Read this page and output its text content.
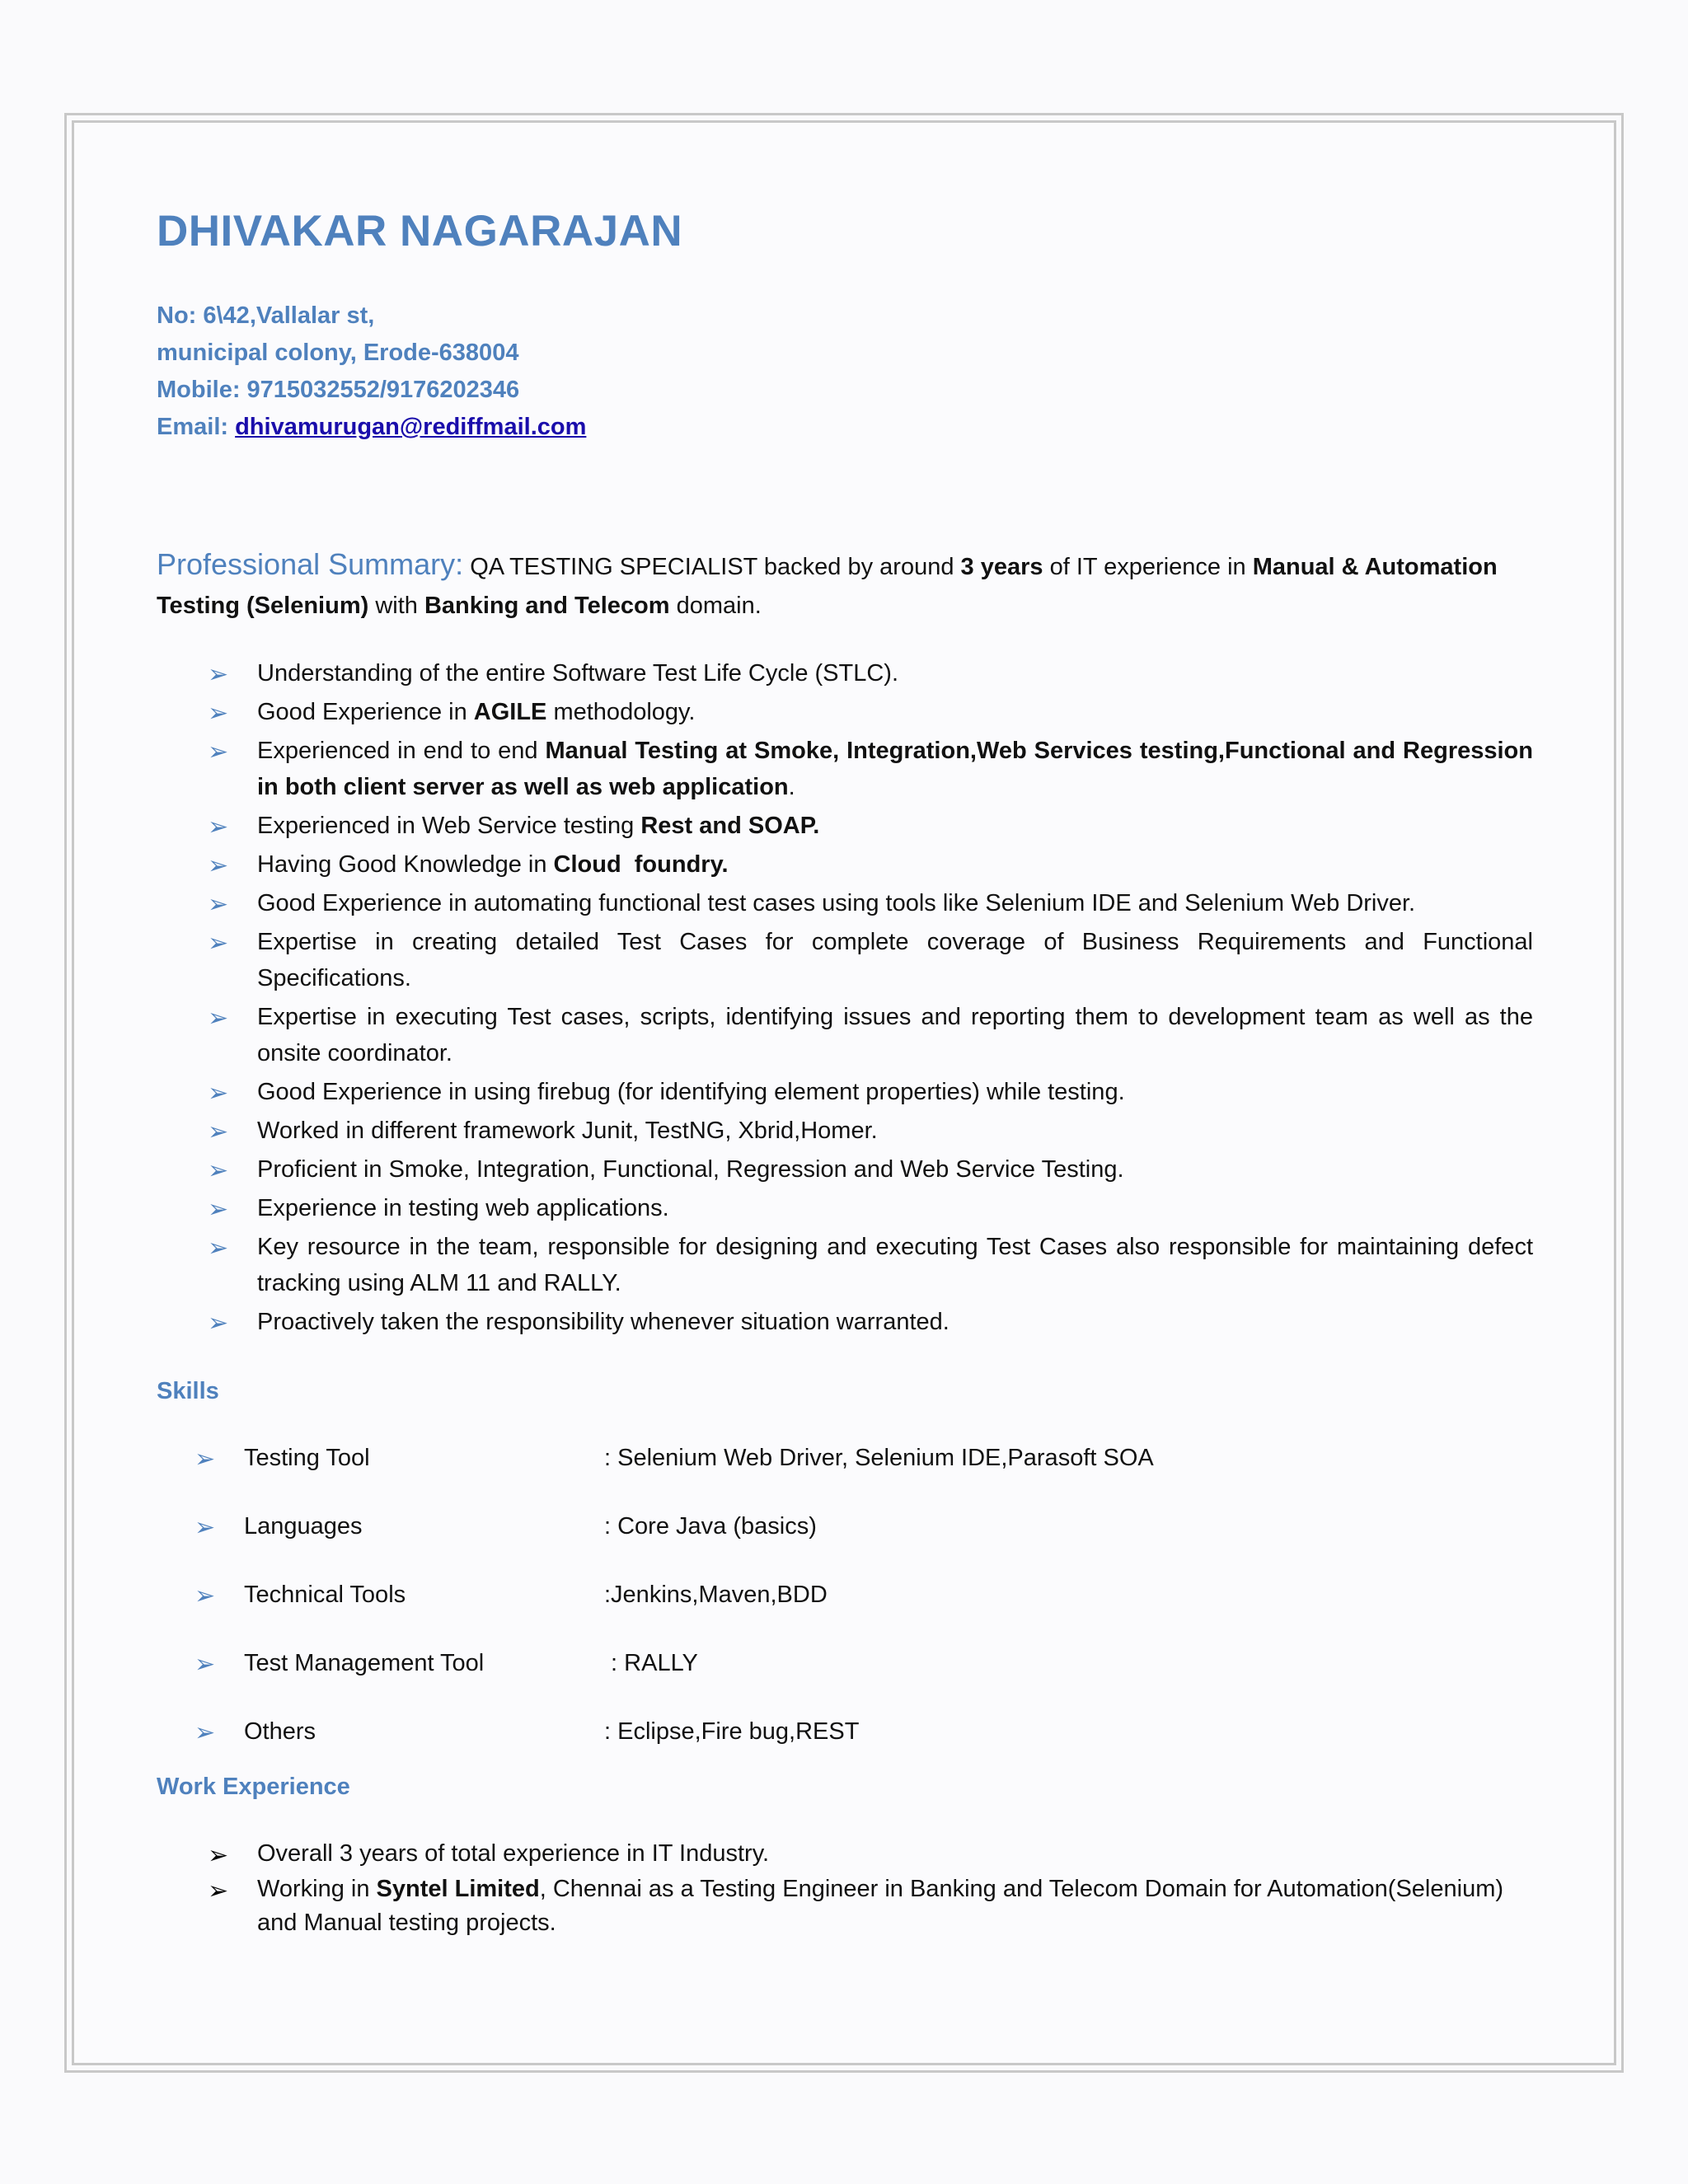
DHIVAKAR NAGARAJAN
No: 6\42,Vallalar st,
municipal colony, Erode-638004
Mobile: 9715032552/9176202346
Email: dhivamurugan@rediffmail.com
Professional Summary: QA TESTING SPECIALIST backed by around 3 years of IT experience in Manual & Automation Testing (Selenium) with Banking and Telecom domain.
➢ Understanding of the entire Software Test Life Cycle (STLC).
➢ Good Experience in AGILE methodology.
➢ Experienced in end to end Manual Testing at Smoke, Integration,Web Services testing,Functional and Regression in both client server as well as web application.
➢ Experienced in Web Service testing Rest and SOAP.
➢ Having Good Knowledge in Cloud  foundry.
➢ Good Experience in automating functional test cases using tools like Selenium IDE and Selenium Web Driver.
➢ Expertise in creating detailed Test Cases for complete coverage of Business Requirements and Functional Specifications.
➢ Expertise in executing Test cases, scripts, identifying issues and reporting them to development team as well as the onsite coordinator.
➢ Good Experience in using firebug (for identifying element properties) while testing.
➢ Worked in different framework Junit, TestNG, Xbrid,Homer.
➢ Proficient in Smoke, Integration, Functional, Regression and Web Service Testing.
➢ Experience in testing web applications.
➢ Key resource in the team, responsible for designing and executing Test Cases also responsible for maintaining defect tracking using ALM 11 and RALLY.
➢ Proactively taken the responsibility whenever situation warranted.
Skills
➢ Testing Tool	: Selenium Web Driver, Selenium IDE,Parasoft SOA
➢ Languages	: Core Java (basics)
➢ Technical Tools	:Jenkins,Maven,BDD
➢ Test Management Tool	: RALLY
➢ Others	: Eclipse,Fire bug,REST
Work Experience
➢ Overall 3 years of total experience in IT Industry.
➢ Working in Syntel Limited, Chennai as a Testing Engineer in Banking and Telecom Domain for Automation(Selenium) and Manual testing projects.
